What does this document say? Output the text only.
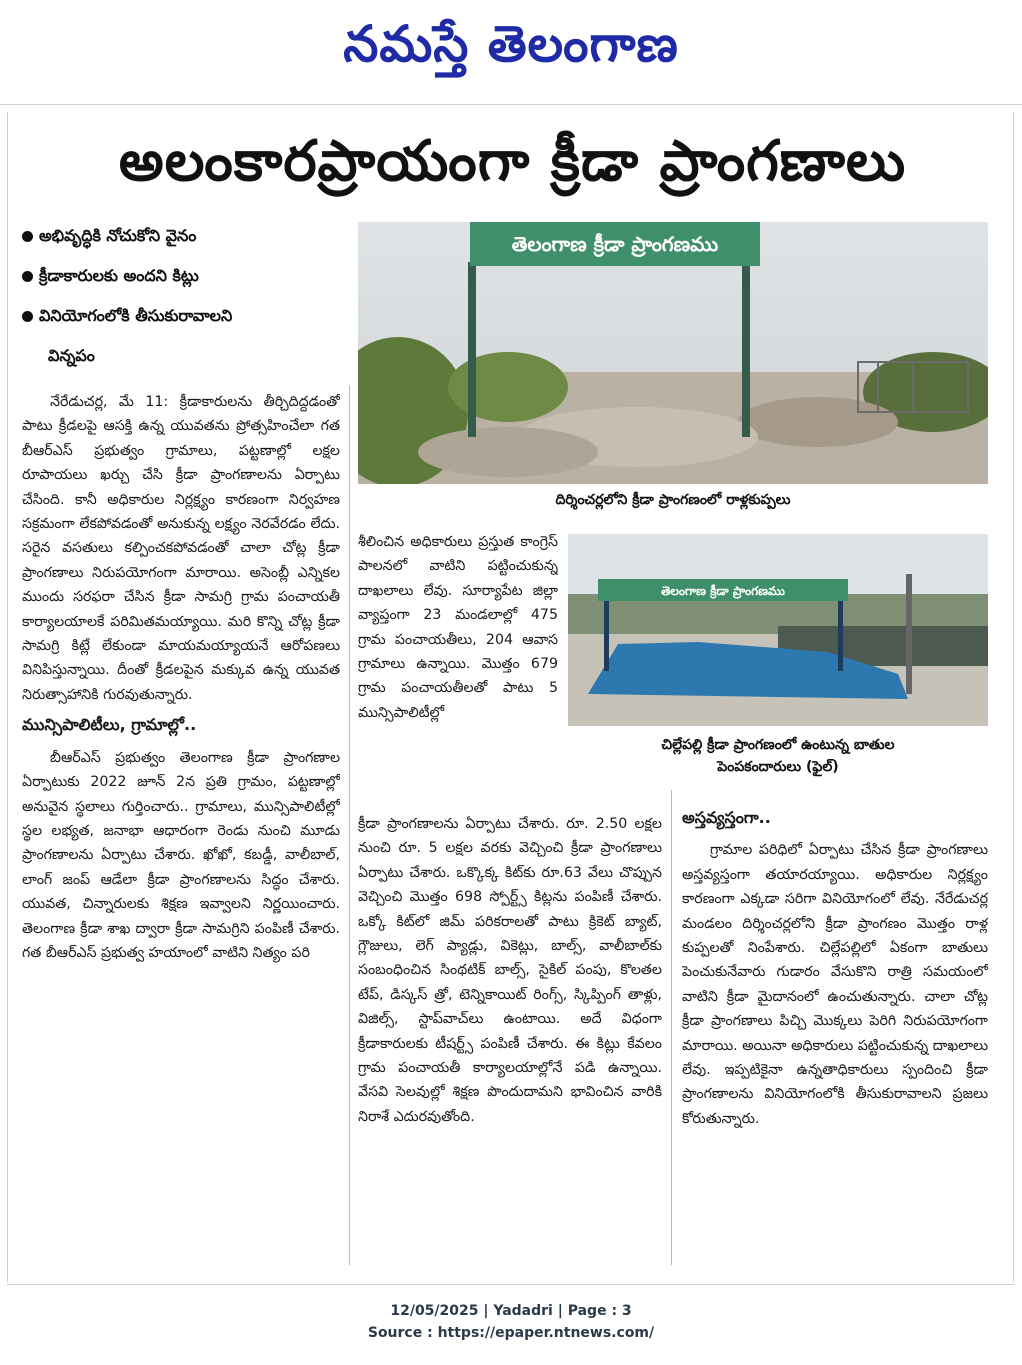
నమస్తే తెలంగాణ
అలంకారప్రాయంగా క్రీడా ప్రాంగణాలు
అభివృద్ధికి నోచుకోని వైనం
క్రీడాకారులకు అందని కిట్లు
వినియోగంలోకి తీసుకురావాలని
విన్నపం
తెలంగాణ క్రీడా ప్రాంగణము
దిర్శించర్లలోని క్రీడా ప్రాంగణంలో రాళ్లకుప్పలు
తెలంగాణ క్రీడా ప్రాంగణము
చిల్లేపల్లి క్రీడా ప్రాంగణంలో ఉంటున్న బాతుల
పెంపకందారులు (ఫైల్)

నేరేడుచర్ల, మే 11: క్రీడాకారులను తీర్చిదిద్దడంతో పాటు క్రీడలపై ఆసక్తి ఉన్న యువతను ప్రోత్సహించేలా గత బీఆర్ఎస్ ప్రభుత్వం గ్రామాలు, పట్టణాల్లో లక్షల రూపాయలు ఖర్చు చేసి క్రీడా ప్రాంగణాలను ఏర్పాటు చేసింది. కానీ అధికారుల నిర్లక్ష్యం కారణంగా నిర్వహణ సక్రమంగా లేకపోవడంతో అనుకున్న లక్ష్యం నెరవేరడం లేదు. సరైన వసతులు కల్పించకపోవడంతో చాలా చోట్ల క్రీడా ప్రాంగణాలు నిరుపయోగంగా మారాయి. అసెంబ్లీ ఎన్నికల ముందు సరఫరా చేసిన క్రీడా సామగ్రి గ్రామ పంచాయతీ కార్యాలయాలకే పరిమితమయ్యాయి. మరి కొన్ని చోట్ల క్రీడా సామగ్రి కిట్లే లేకుండా మాయమయ్యాయనే ఆరోపణలు వినిపిస్తున్నాయి. దీంతో క్రీడలపైన మక్కువ ఉన్న యువత నిరుత్సాహానికి గురవుతున్నారు.

మున్సిపాలిటీలు, గ్రామాల్లో..

బీఆర్ఎస్ ప్రభుత్వం తెలంగాణ క్రీడా ప్రాంగణాల ఏర్పాటుకు 2022 జూన్ 2న ప్రతి గ్రామం, పట్టణాల్లో అనువైన స్థలాలు గుర్తించారు.. గ్రామాలు, మున్సిపాలిటీల్లో స్థల లభ్యత, జనాభా ఆధారంగా రెండు నుంచి మూడు ప్రాంగణాలను ఏర్పాటు చేశారు. ఖోఖో, కబడ్డీ, వాలీబాల్, లాంగ్ జంప్ ఆడేలా క్రీడా ప్రాంగణాలను సిద్ధం చేశారు. యువత, చిన్నారులకు శిక్షణ ఇవ్వాలని నిర్ణయించారు. తెలంగాణ క్రీడా శాఖ ద్వారా క్రీడా సామగ్రిని పంపిణీ చేశారు. గత బీఆర్ఎస్ ప్రభుత్వ హయాంలో వాటిని నిత్యం పరి

శీలించిన అధికారులు ప్రస్తుత కాంగ్రెస్ పాలనలో వాటిని పట్టించుకున్న దాఖలాలు లేవు. సూర్యాపేట జిల్లా వ్యాప్తంగా 23 మండలాల్లో 475 గ్రామ పంచాయతీలు, 204 ఆవాస గ్రామాలు ఉన్నాయి. మొత్తం 679 గ్రామ పంచాయతీలతో పాటు 5 మున్సిపాలిటీల్లో

క్రీడా ప్రాంగణాలను ఏర్పాటు చేశారు. రూ. 2.50 లక్షల నుంచి రూ. 5 లక్షల వరకు వెచ్చించి క్రీడా ప్రాంగణాలు ఏర్పాటు చేశారు. ఒక్కొక్క కిట్‌కు రూ.63 వేలు చొప్పున వెచ్చించి మొత్తం 698 స్పోర్ట్స్ కిట్లను పంపిణీ చేశారు. ఒక్కో కిట్‌లో జిమ్ పరికరాలతో పాటు క్రికెట్ బ్యాట్, గ్లౌజులు, లెగ్ ప్యాడ్లు, వికెట్లు, బాల్స్, వాలీబాల్‌కు సంబంధించిన సింథటిక్ బాల్స్, సైకిల్ పంపు, కొలతల టేప్, డిస్కస్ త్రో, టెన్నికాయిట్ రింగ్స్, స్కిప్పింగ్ తాళ్లు, విజిల్స్, స్టాప్‌వాచ్‌లు ఉంటాయి. అదే విధంగా క్రీడాకారులకు టీషర్ట్స్ పంపిణీ చేశారు. ఈ కిట్లు కేవలం గ్రామ పంచాయతీ కార్యాలయాల్లోనే పడి ఉన్నాయి. వేసవి సెలవుల్లో శిక్షణ పొందుదామని భావించిన వారికి నిరాశే ఎదురవుతోంది.

అస్తవ్యస్తంగా..

గ్రామాల పరిధిలో ఏర్పాటు చేసిన క్రీడా ప్రాంగణాలు అస్తవ్యస్తంగా తయారయ్యాయి. అధికారుల నిర్లక్ష్యం కారణంగా ఎక్కడా సరిగా వినియోగంలో లేవు. నేరేడుచర్ల మండలం దిర్శించర్లలోని క్రీడా ప్రాంగణం మొత్తం రాళ్ల కుప్పలతో నింపేశారు. చిల్లేపల్లిలో ఏకంగా బాతులు పెంచుకునేవారు గుడారం వేసుకొని రాత్రి సమయంలో వాటిని క్రీడా మైదానంలో ఉంచుతున్నారు. చాలా చోట్ల క్రీడా ప్రాంగణాలు పిచ్చి మొక్కలు పెరిగి నిరుపయోగంగా మారాయి. అయినా అధికారులు పట్టించుకున్న దాఖలాలు లేవు. ఇప్పటికైనా ఉన్నతాధికారులు స్పందించి క్రీడా ప్రాంగణాలను వినియోగంలోకి తీసుకురావాలని ప్రజలు కోరుతున్నారు.

12/05/2025 | Yadadri | Page : 3
Source : https://epaper.ntnews.com/
